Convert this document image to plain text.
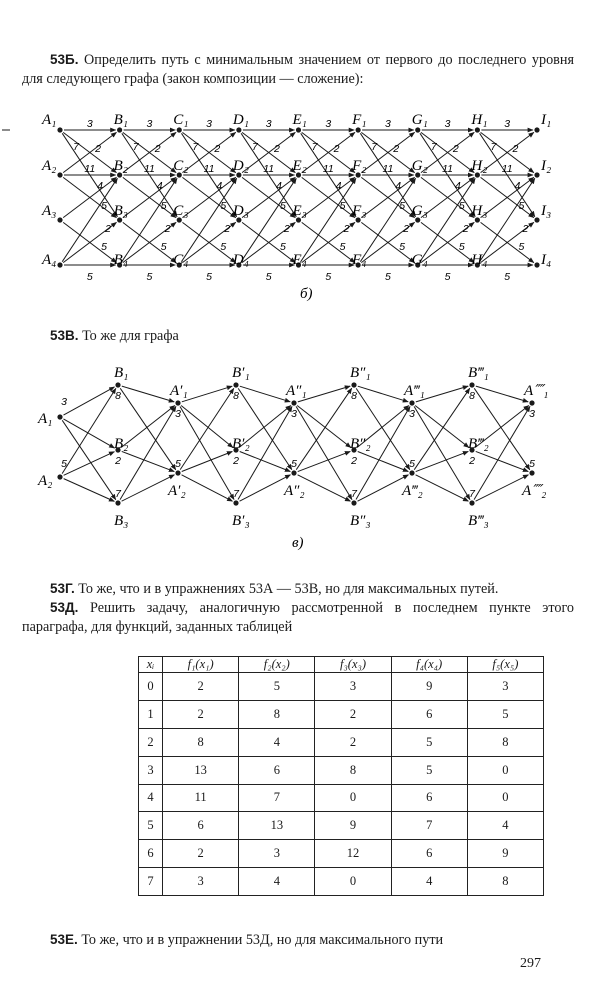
53Б. Определить путь с минимальным значением от первого до последнего уровня для следующего графа (закон композиции — сложение):
3
11
5
7 2
4
5
2
5
3
11
5
7 2
4
5
2
5
3
11
5
7 2
4
5
2
5
3
11
5
7 2
4
5
2
5
3
11
5
7 2
4
5
2
5
3
11
5
7 2
4
5
2
5
3
11
5
7 2
4
5
2
5
3
11
5
7 2
4
5
2
5
A₁
A₂
A₃
A₄
B₁
B₂
B₃
B₄
C₁
C₂
C₃
C₄
D₁
D₂
D₃
D₄
E₁
E₂
E₃
E₄
F₁
F₂
F₃
F₄
G₁
G₂
G₃
G₄
H₁
H₂
H₃
H₄
I₁
I₂
I₃
I₄
б)
53В. То же для графа
A₁
A₂
B₁
B₂
B₃
A′₁
A′₂
B′₁
B′₂
B′₃
A″₁
A″₂
B″₁
B″₂
B″₃
A‴₁
A‴₂
B‴₁
B‴₂
B‴₃
A⁗₁
A⁗₂
3
5
8
2
7
3
5
8
2
7
3
5
8
2
7
3
5
8
2
7
3
5
в)
53Г. То же, что и в упражнениях 53А — 53В, но для максимальных путей.
53Д. Решить задачу, аналогичную рассмотренной в последнем пункте этого параграфа, для функций, заданных таблицей
xᵢ	f₁(x₁)	f₂(x₂)	f₃(x₃)	f₄(x₄)	f₅(x₅)
0	2	5	3	9	3
1	2	8	2	6	5
2	8	4	2	5	8
3	13	6	8	5	0
4	11	7	0	6	0
5	6	13	9	7	4
6	2	3	12	6	9
7	3	4	0	4	8
53Е. То же, что и в упражнении 53Д, но для максимального пути
297
